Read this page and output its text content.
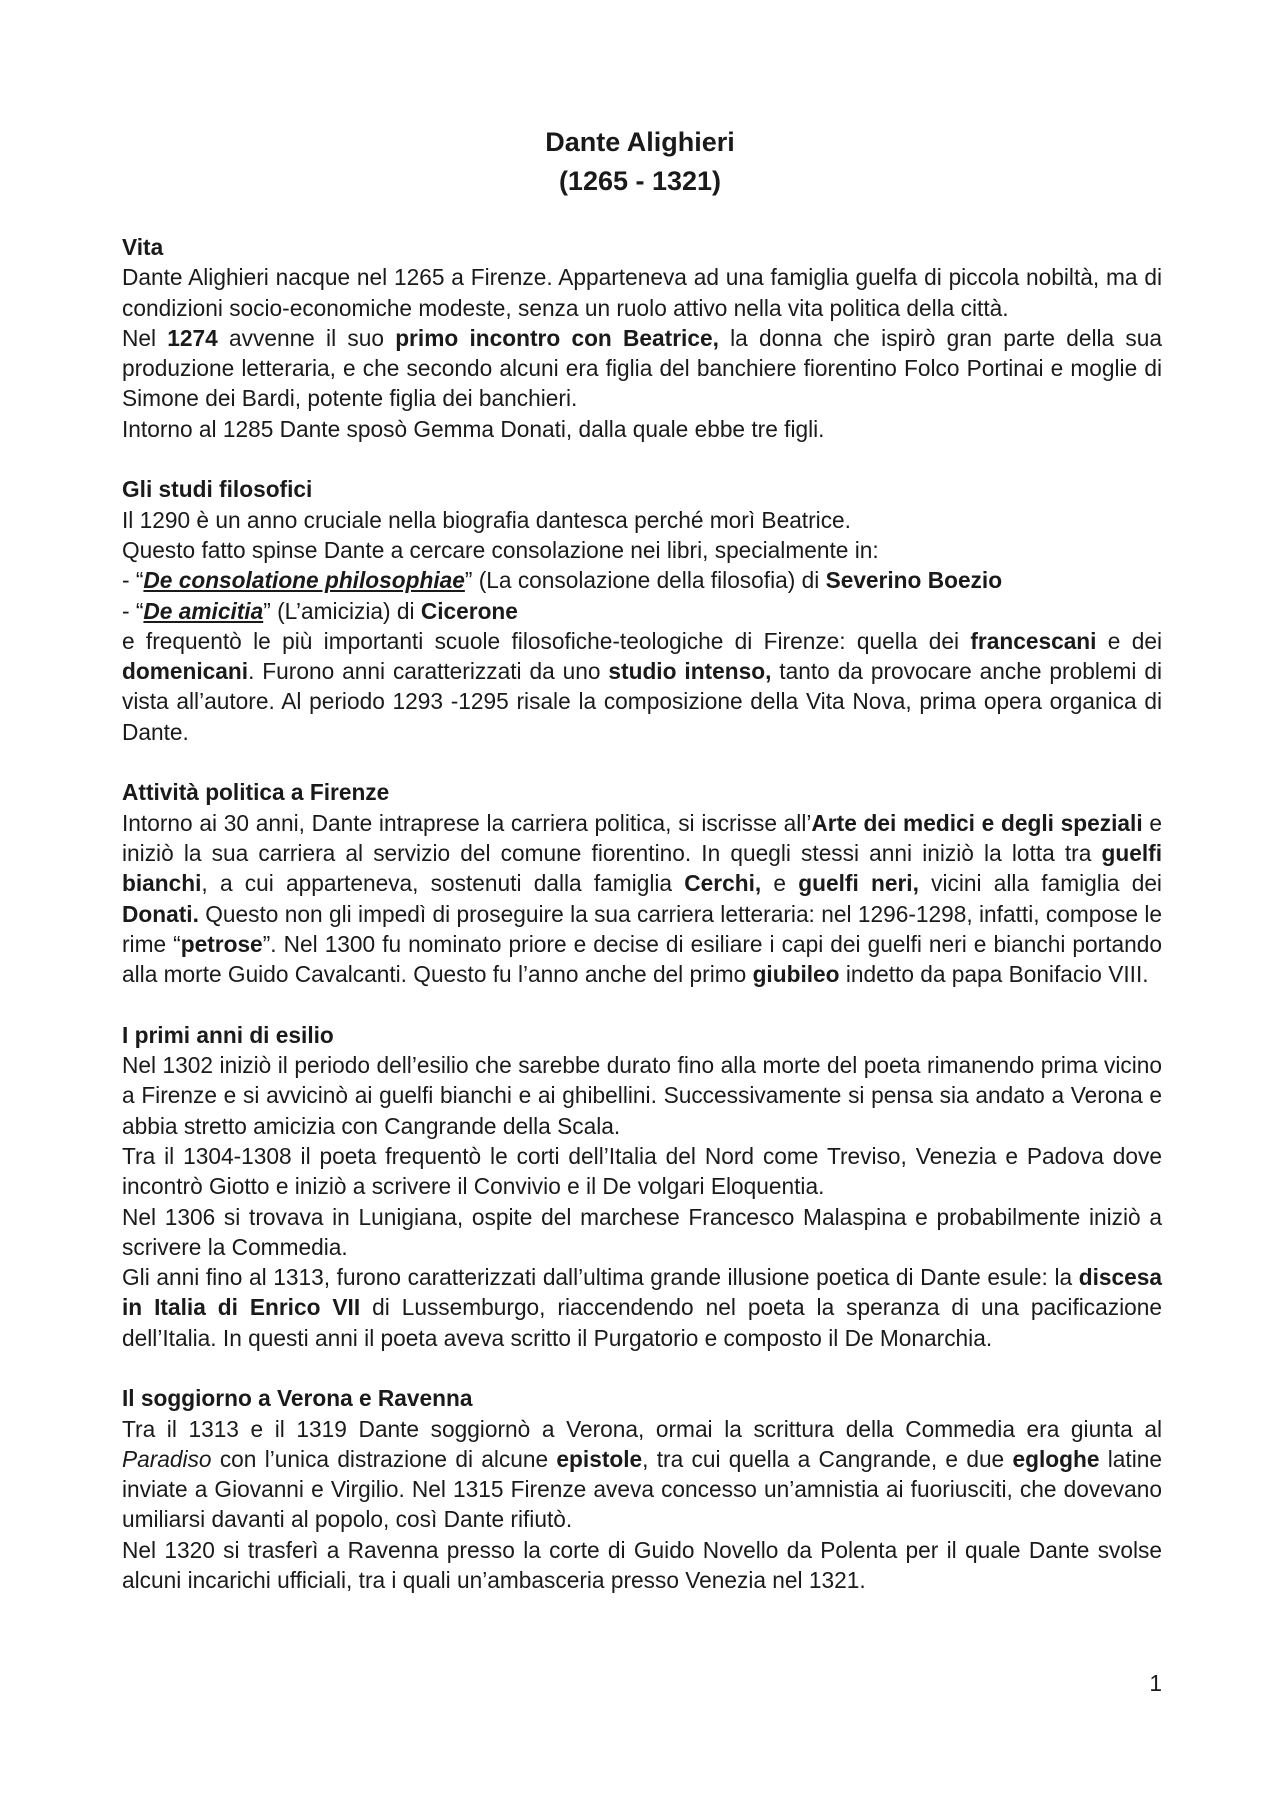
Dante Alighieri
(1265 - 1321)
Vita

Dante Alighieri nacque nel 1265 a Firenze. Apparteneva ad una famiglia guelfa di piccola nobiltà, ma di condizioni socio-economiche modeste, senza un ruolo attivo nella vita politica della città.

Nel 1274 avvenne il suo primo incontro con Beatrice, la donna che ispirò gran parte della sua produzione letteraria, e che secondo alcuni era figlia del banchiere fiorentino Folco Portinai e moglie di Simone dei Bardi, potente figlia dei banchieri.

Intorno al 1285 Dante sposò Gemma Donati, dalla quale ebbe tre figli.

Gli studi filosofici

Il 1290 è un anno cruciale nella biografia dantesca perché morì Beatrice.

Questo fatto spinse Dante a cercare consolazione nei libri, specialmente in:

- “De consolatione philosophiae” (La consolazione della filosofia) di Severino Boezio

- “De amicitia” (L’amicizia) di Cicerone

e frequentò le più importanti scuole filosofiche-teologiche di Firenze: quella dei francescani e dei domenicani. Furono anni caratterizzati da uno studio intenso, tanto da provocare anche problemi di vista all’autore. Al periodo 1293 -1295 risale la composizione della Vita Nova, prima opera organica di Dante.

Attività politica a Firenze

Intorno ai 30 anni, Dante intraprese la carriera politica, si iscrisse all’Arte dei medici e degli speziali e iniziò la sua carriera al servizio del comune fiorentino. In quegli stessi anni iniziò la lotta tra guelfi bianchi, a cui apparteneva, sostenuti dalla famiglia Cerchi, e guelfi neri, vicini alla famiglia dei Donati. Questo non gli impedì di proseguire la sua carriera letteraria: nel 1296-1298, infatti, compose le rime “petrose”. Nel 1300 fu nominato priore e decise di esiliare i capi dei guelfi neri e bianchi portando alla morte Guido Cavalcanti. Questo fu l’anno anche del primo giubileo indetto da papa Bonifacio VIII.

I primi anni di esilio

Nel 1302 iniziò il periodo dell’esilio che sarebbe durato fino alla morte del poeta rimanendo prima vicino a Firenze e si avvicinò ai guelfi bianchi e ai ghibellini. Successivamente si pensa sia andato a Verona e abbia stretto amicizia con Cangrande della Scala.

Tra il 1304-1308 il poeta frequentò le corti dell’Italia del Nord come Treviso, Venezia e Padova dove incontrò Giotto e iniziò a scrivere il Convivio e il De volgari Eloquentia.

Nel 1306 si trovava in Lunigiana, ospite del marchese Francesco Malaspina e probabilmente iniziò a scrivere la Commedia.

Gli anni fino al 1313, furono caratterizzati dall’ultima grande illusione poetica di Dante esule: la discesa in Italia di Enrico VII di Lussemburgo, riaccendendo nel poeta la speranza di una pacificazione dell’Italia. In questi anni il poeta aveva scritto il Purgatorio e composto il De Monarchia.

Il soggiorno a Verona e Ravenna

Tra il 1313 e il 1319 Dante soggiornò a Verona, ormai la scrittura della Commedia era giunta al Paradiso con l’unica distrazione di alcune epistole, tra cui quella a Cangrande, e due egloghe latine inviate a Giovanni e Virgilio. Nel 1315 Firenze aveva concesso un’amnistia ai fuoriusciti, che dovevano umiliarsi davanti al popolo, così Dante rifiutò.

Nel 1320 si trasferì a Ravenna presso la corte di Guido Novello da Polenta per il quale Dante svolse alcuni incarichi ufficiali, tra i quali un’ambasceria presso Venezia nel 1321.

1
